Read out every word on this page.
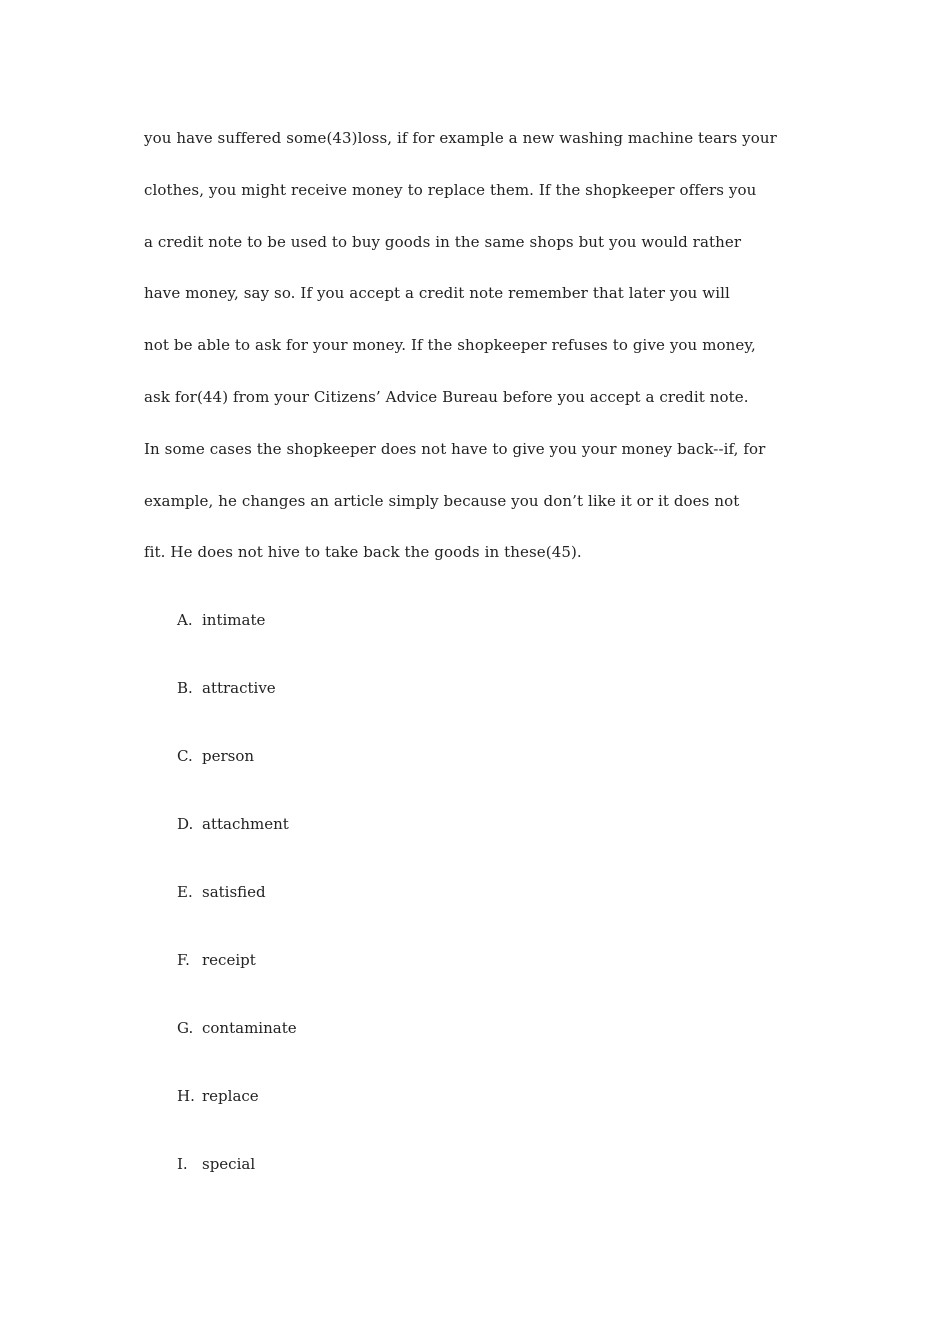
you have suffered some(43)loss, if for example a new washing machine tears your
clothes, you might receive money to replace them. If the shopkeeper offers you
a credit note to be used to buy goods in the same shops but you would rather
have money, say so. If you accept a credit note remember that later you will
not be able to ask for your money. If the shopkeeper refuses to give you money,
ask for(44) from your Citizens’ Advice Bureau before you accept a credit note.
In some cases the shopkeeper does not have to give you your money back--if, for
example, he changes an article simply because you don’t like it or it does not
fit. He does not hive to take back the goods in these(45).
A. intimate
B. attractive
C. person
D. attachment
E. satisfied
F. receipt
G. contaminate
H. replace
I. special
